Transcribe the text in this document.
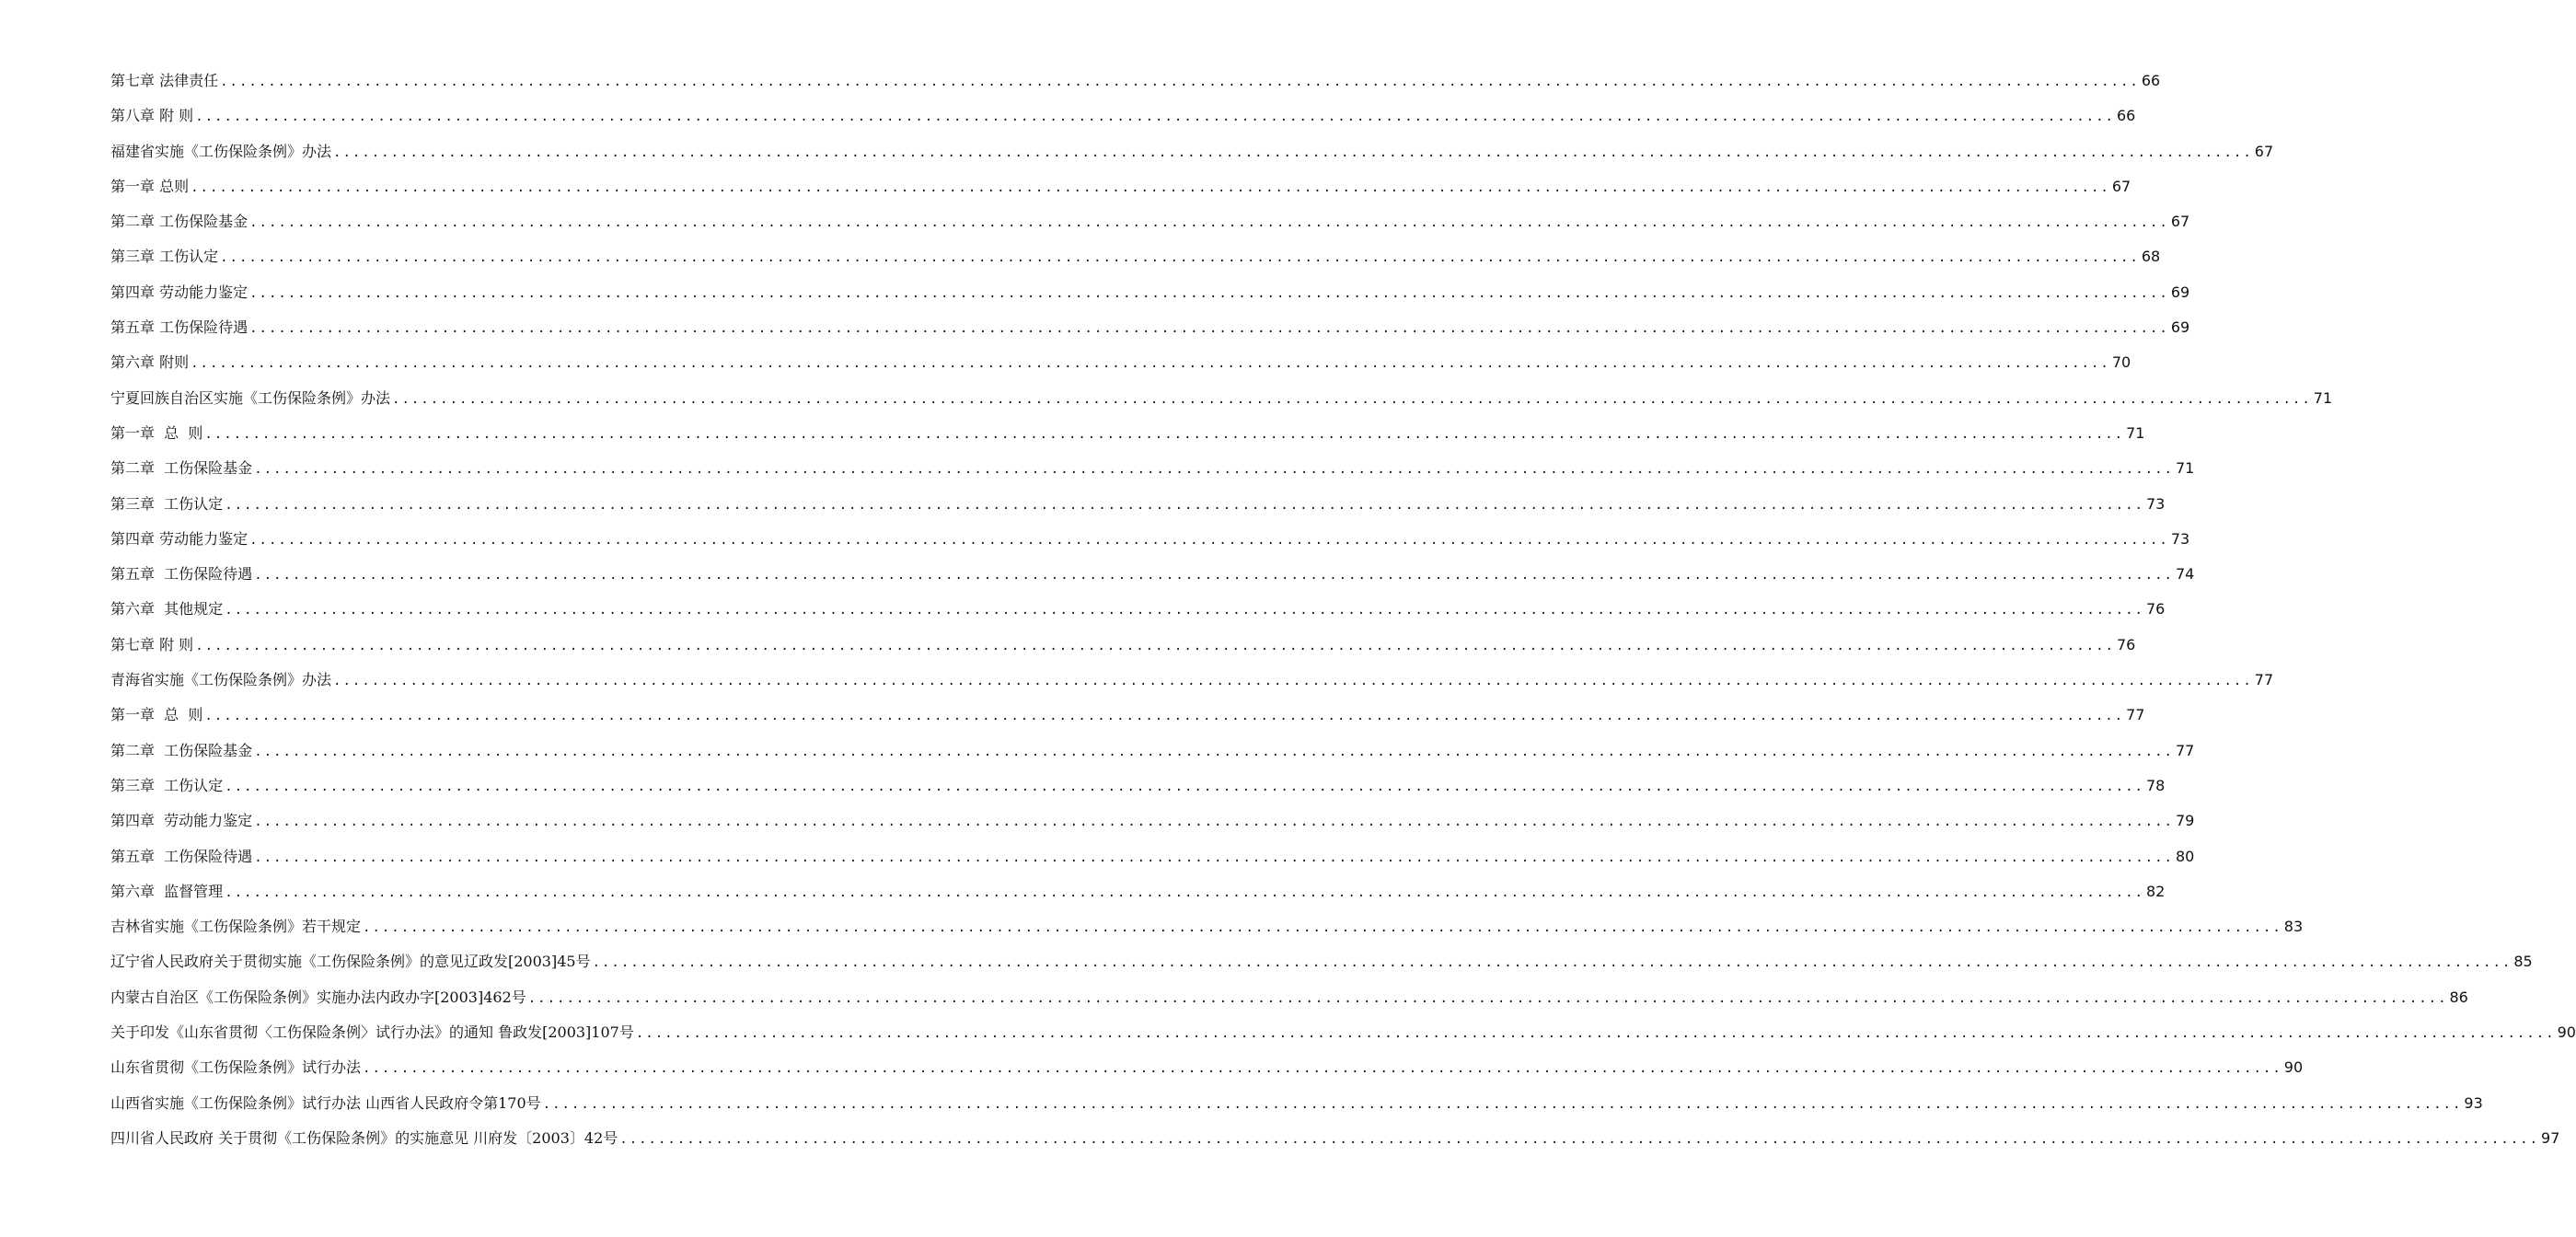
第七章 法律责任 ........................................................................................................................................................................................................ 66
第八章 附 则 ........................................................................................................................................................................................................ 66
福建省实施《工伤保险条例》办法 ........................................................................................................................................................................................................ 67
第一章 总则 ........................................................................................................................................................................................................ 67
第二章 工伤保险基金 ........................................................................................................................................................................................................ 67
第三章 工伤认定 ........................................................................................................................................................................................................ 68
第四章 劳动能力鉴定 ........................................................................................................................................................................................................ 69
第五章 工伤保险待遇 ........................................................................................................................................................................................................ 69
第六章 附则 ........................................................................................................................................................................................................ 70
宁夏回族自治区实施《工伤保险条例》办法 ........................................................................................................................................................................................................ 71
第一章  总  则 ........................................................................................................................................................................................................ 71
第二章  工伤保险基金 ........................................................................................................................................................................................................ 71
第三章  工伤认定 ........................................................................................................................................................................................................ 73
第四章 劳动能力鉴定 ........................................................................................................................................................................................................ 73
第五章  工伤保险待遇 ........................................................................................................................................................................................................ 74
第六章  其他规定 ........................................................................................................................................................................................................ 76
第七章 附 则 ........................................................................................................................................................................................................ 76
青海省实施《工伤保险条例》办法 ........................................................................................................................................................................................................ 77
第一章  总  则 ........................................................................................................................................................................................................ 77
第二章  工伤保险基金 ........................................................................................................................................................................................................ 77
第三章  工伤认定 ........................................................................................................................................................................................................ 78
第四章  劳动能力鉴定 ........................................................................................................................................................................................................ 79
第五章  工伤保险待遇 ........................................................................................................................................................................................................ 80
第六章  监督管理 ........................................................................................................................................................................................................ 82
吉林省实施《工伤保险条例》若干规定 ........................................................................................................................................................................................................ 83
辽宁省人民政府关于贯彻实施《工伤保险条例》的意见辽政发[2003]45号 ........................................................................................................................................................................................................ 85
内蒙古自治区《工伤保险条例》实施办法内政办字[2003]462号 ........................................................................................................................................................................................................ 86
关于印发《山东省贯彻〈工伤保险条例〉试行办法》的通知 鲁政发[2003]107号 ........................................................................................................................................................................................................ 90
山东省贯彻《工伤保险条例》试行办法 ........................................................................................................................................................................................................ 90
山西省实施《工伤保险条例》试行办法 山西省人民政府令第170号 ........................................................................................................................................................................................................ 93
四川省人民政府 关于贯彻《工伤保险条例》的实施意见 川府发〔2003〕42号 ........................................................................................................................................................................................................ 97
